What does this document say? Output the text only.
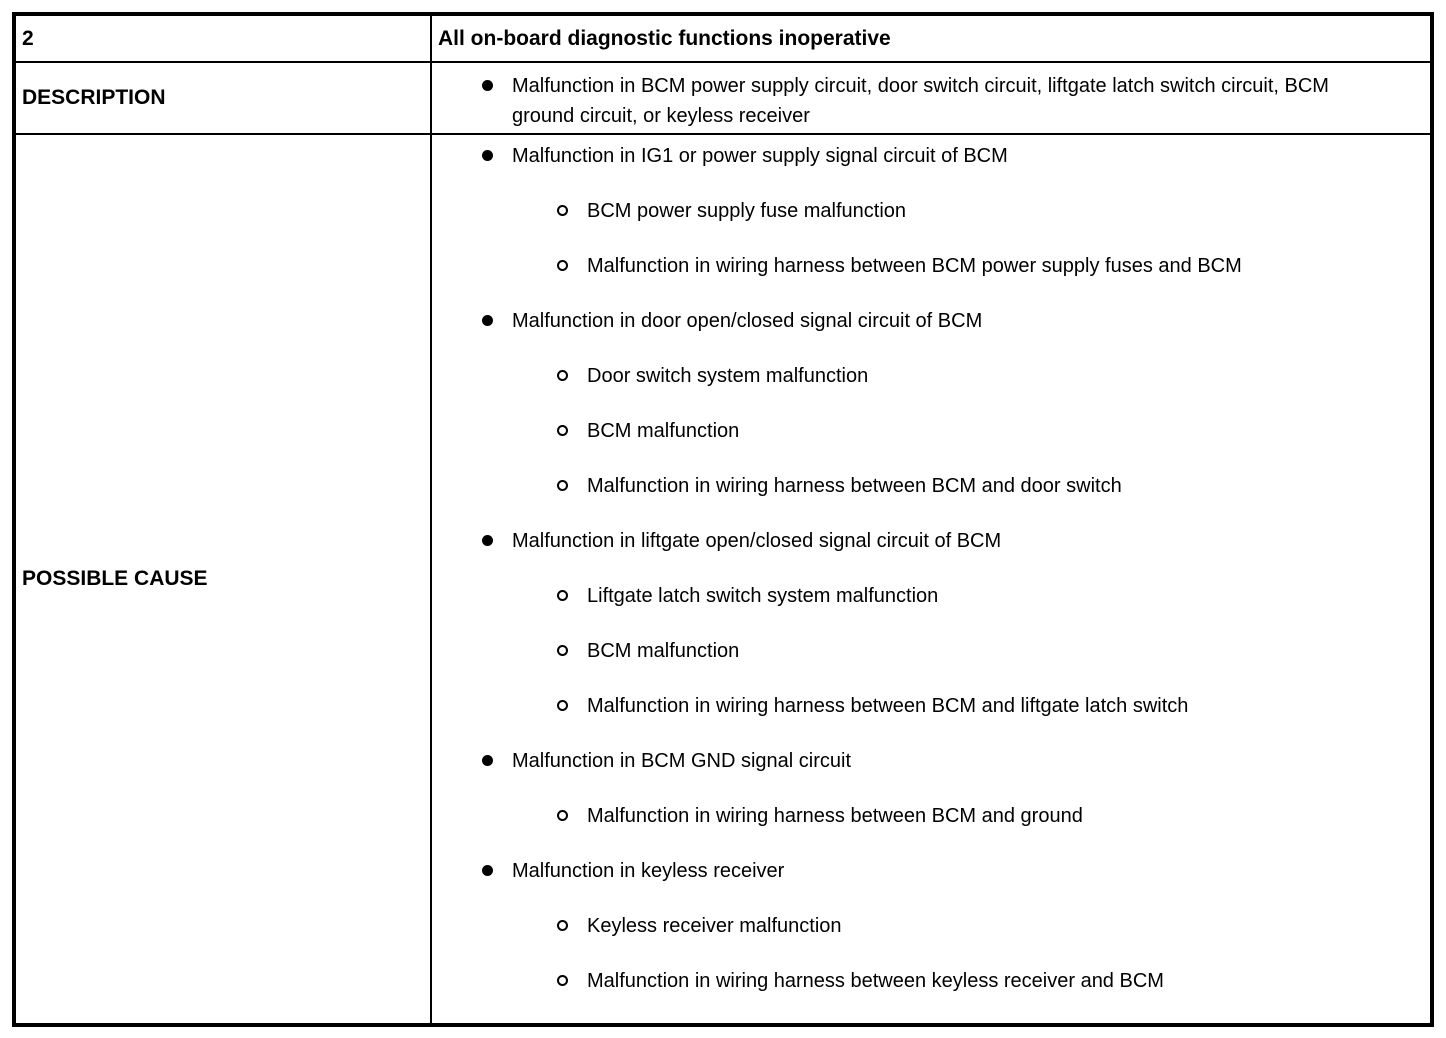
2	All on-board diagnostic functions inoperative
DESCRIPTION	Malfunction in BCM power supply circuit, door switch circuit, liftgate latch switch circuit, BCM ground circuit, or keyless receiver
POSSIBLE CAUSE
Malfunction in IG1 or power supply signal circuit of BCM
BCM power supply fuse malfunction
Malfunction in wiring harness between BCM power supply fuses and BCM
Malfunction in door open/closed signal circuit of BCM
Door switch system malfunction
BCM malfunction
Malfunction in wiring harness between BCM and door switch
Malfunction in liftgate open/closed signal circuit of BCM
Liftgate latch switch system malfunction
BCM malfunction
Malfunction in wiring harness between BCM and liftgate latch switch
Malfunction in BCM GND signal circuit
Malfunction in wiring harness between BCM and ground
Malfunction in keyless receiver
Keyless receiver malfunction
Malfunction in wiring harness between keyless receiver and BCM
